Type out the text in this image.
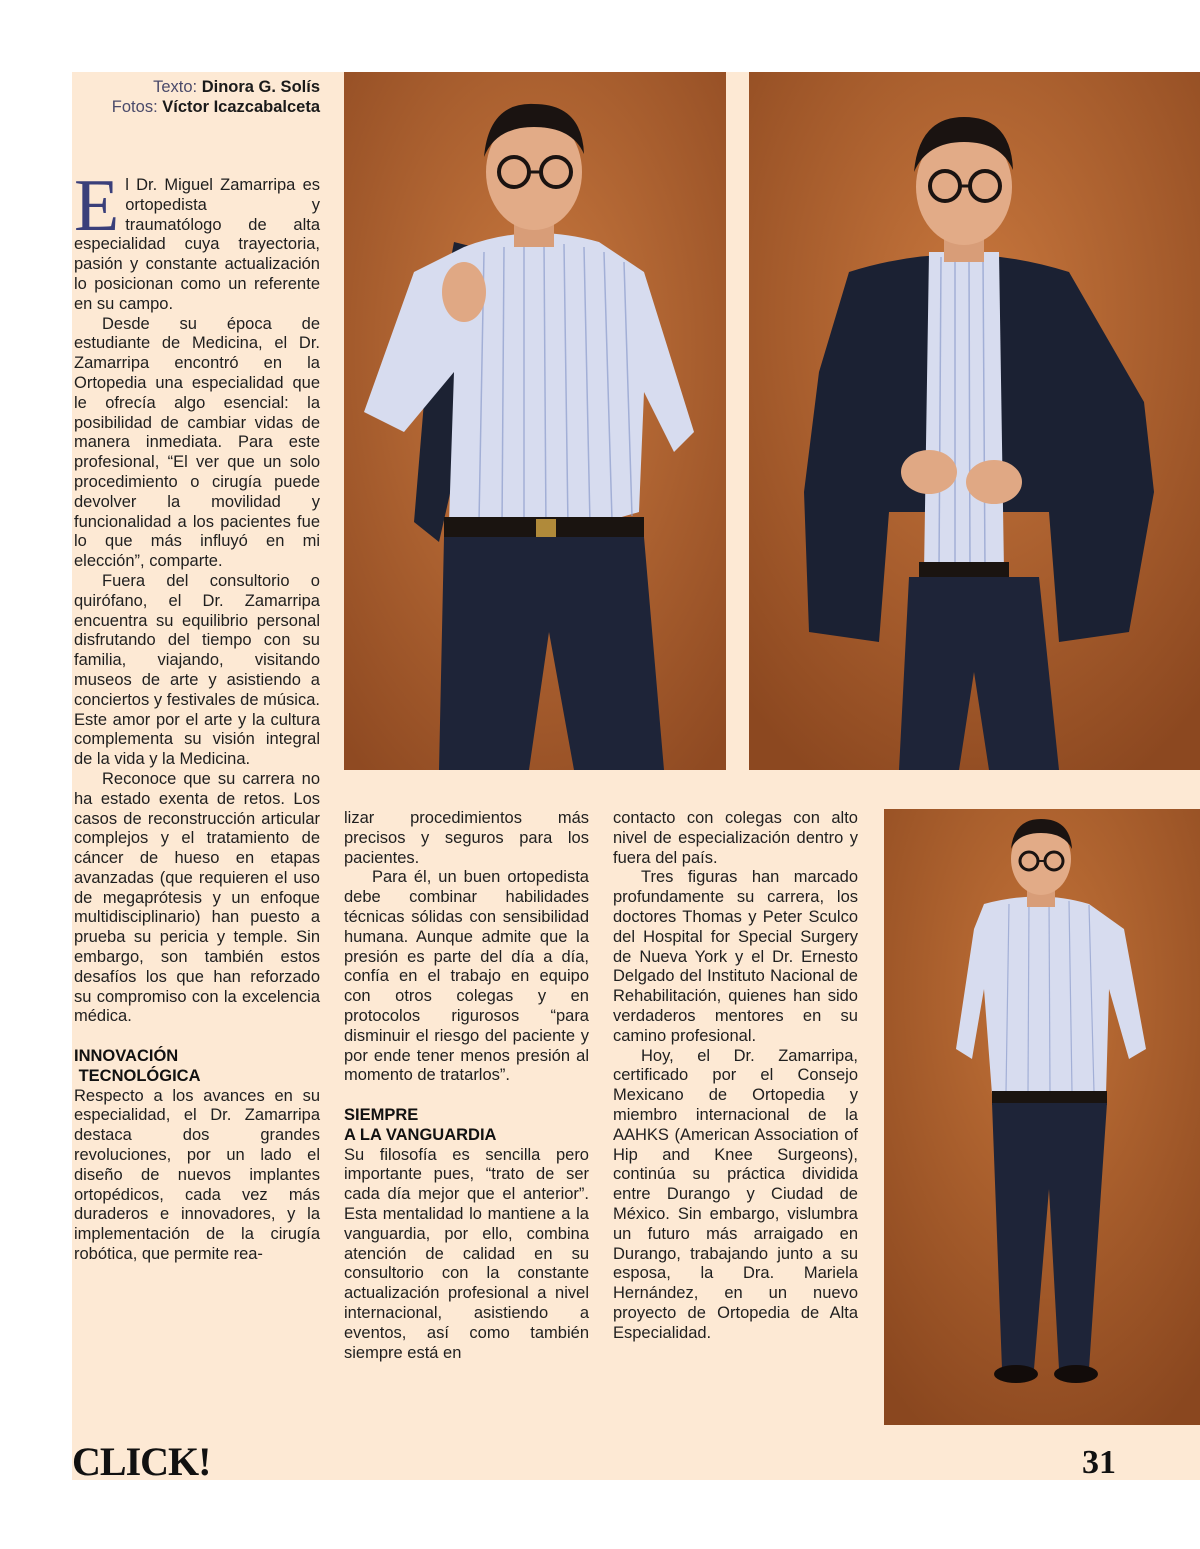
Texto: Dinora G. Solís
Fotos: Víctor Icazcabalceta

El Dr. Miguel Zamarripa es ortopedista y traumatólogo de alta especialidad cuya trayectoria, pasión y constante actualización lo posicionan como un referente en su campo.

Desde su época de estudiante de Medicina, el Dr. Zamarripa encontró en la Ortopedia una especialidad que le ofrecía algo esencial: la posibilidad de cambiar vidas de manera inmediata. Para este profesional, “El ver que un solo procedimiento o cirugía puede devolver la movilidad y funcionalidad a los pacientes fue lo que más influyó en mi elección”, comparte.

Fuera del consultorio o quirófano, el Dr. Zamarripa encuentra su equilibrio personal disfrutando del tiempo con su familia, viajando, visitando museos de arte y asistiendo a conciertos y festivales de música. Este amor por el arte y la cultura complementa su visión integral de la vida y la Medicina.

Reconoce que su carrera no ha estado exenta de retos. Los casos de reconstrucción articular complejos y el tratamiento de cáncer de hueso en etapas avanzadas (que requieren el uso de megaprótesis y un enfoque multidisciplinario) han puesto a prueba su pericia y temple. Sin embargo, son también estos desafíos los que han reforzado su compromiso con la excelencia médica.

INNOVACIÓN
TECNOLÓGICA

Respecto a los avances en su especialidad, el Dr. Zamarripa destaca dos grandes revoluciones, por un lado el diseño de nuevos implantes ortopédicos, cada vez más duraderos e innovadores, y la implementación de la cirugía robótica, que permite rea-

lizar procedimientos más precisos y seguros para los pacientes.

Para él, un buen ortopedista debe combinar habilidades técnicas sólidas con sensibilidad humana. Aunque admite que la presión es parte del día a día, confía en el trabajo en equipo con otros colegas y en protocolos rigurosos “para disminuir el riesgo del paciente y por ende tener menos presión al momento de tratarlos”.

SIEMPRE
A LA VANGUARDIA

Su filosofía es sencilla pero importante pues, “trato de ser cada día mejor que el anterior”. Esta mentalidad lo mantiene a la vanguardia, por ello, combina atención de calidad en su consultorio con la constante actualización profesional a nivel internacional, asistiendo a eventos, así como también siempre está en

contacto con colegas con alto nivel de especialización dentro y fuera del país.

Tres figuras han marcado profundamente su carrera, los doctores Thomas y Peter Sculco del Hospital for Special Surgery de Nueva York y el Dr. Ernesto Delgado del Instituto Nacional de Rehabilitación, quienes han sido verdaderos mentores en su camino profesional.

Hoy, el Dr. Zamarripa, certificado por el Consejo Mexicano de Ortopedia y miembro internacional de la AAHKS (American Association of Hip and Knee Surgeons), continúa su práctica dividida entre Durango y Ciudad de México. Sin embargo, vislumbra un futuro más arraigado en Durango, trabajando junto a su esposa, la Dra. Mariela Hernández, en un nuevo proyecto de Ortopedia de Alta Especialidad.

CLICK!	31
